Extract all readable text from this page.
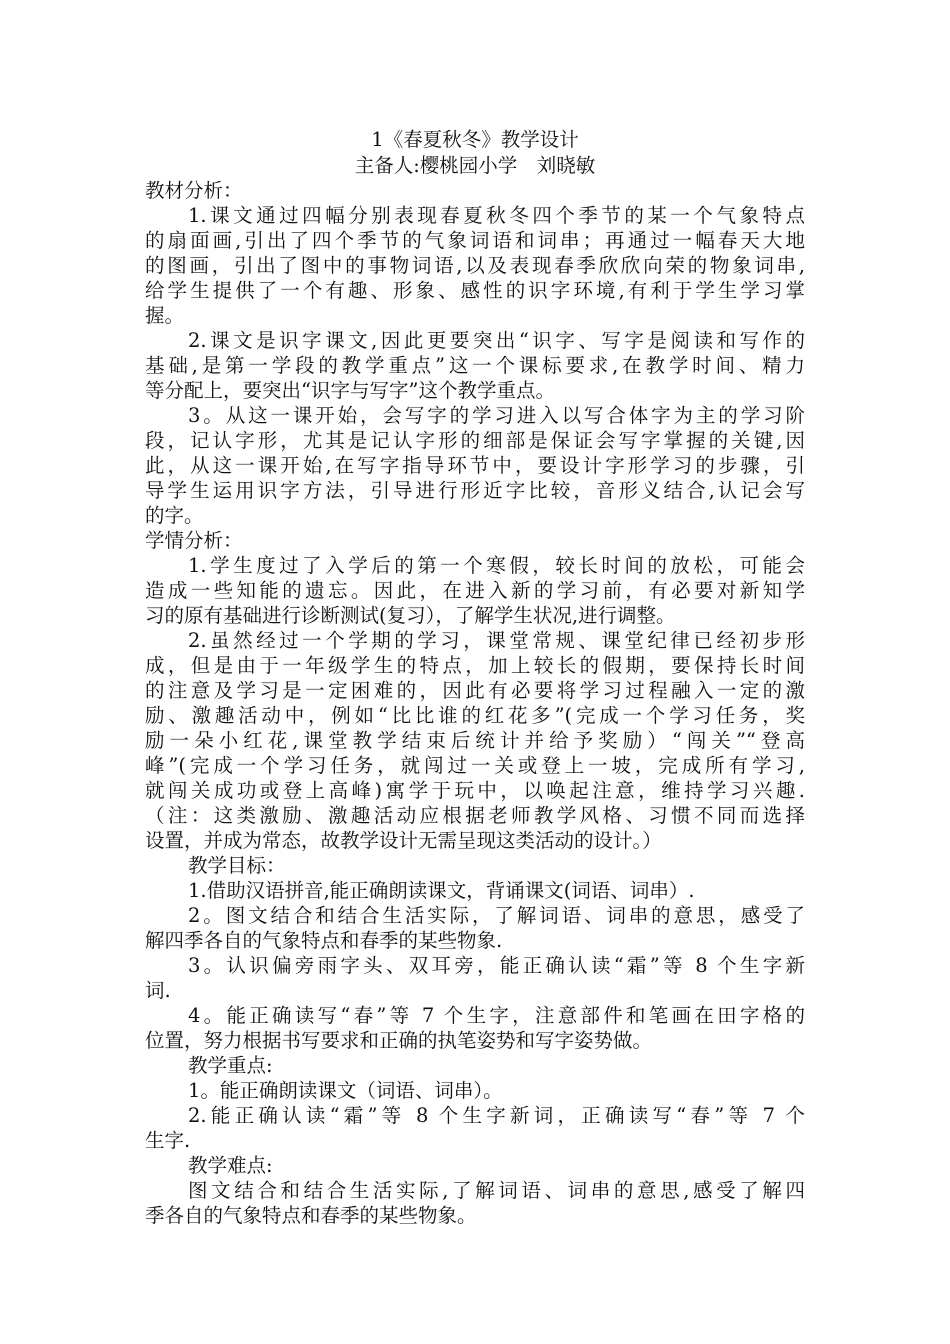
1《春夏秋冬》教学设计
主备人:樱桃园小学　刘晓敏
教材分析：
1.课文通过四幅分别表现春夏秋冬四个季节的某一个气象特点
的扇面画,引出了四个季节的气象词语和词串；再通过一幅春天大地
的图画，引出了图中的事物词语,以及表现春季欣欣向荣的物象词串,
给学生提供了一个有趣、形象、感性的识字环境,有利于学生学习掌
握。
2.课文是识字课文,因此更要突出“识字、写字是阅读和写作的
基础,是第一学段的教学重点”这一个课标要求,在教学时间、精力
等分配上，要突出“识字与写字”这个教学重点。
3。从这一课开始，会写字的学习进入以写合体字为主的学习阶
段，记认字形，尤其是记认字形的细部是保证会写字掌握的关键,因
此，从这一课开始,在写字指导环节中，要设计字形学习的步骤，引
导学生运用识字方法，引导进行形近字比较，音形义结合,认记会写
的字。
学情分析：
1.学生度过了入学后的第一个寒假，较长时间的放松，可能会
造成一些知能的遗忘。因此，在进入新的学习前，有必要对新知学
习的原有基础进行诊断测试(复习），了解学生状况,进行调整。
2.虽然经过一个学期的学习，课堂常规、课堂纪律已经初步形
成，但是由于一年级学生的特点，加上较长的假期，要保持长时间
的注意及学习是一定困难的，因此有必要将学习过程融入一定的激
励、激趣活动中，例如“比比谁的红花多”(完成一个学习任务，奖
励一朵小红花,课堂教学结束后统计并给予奖励）“闯关”“登高
峰”(完成一个学习任务，就闯过一关或登上一坡，完成所有学习,
就闯关成功或登上高峰)寓学于玩中，以唤起注意，维持学习兴趣.
（注：这类激励、激趣活动应根据老师教学风格、习惯不同而选择
设置，并成为常态，故教学设计无需呈现这类活动的设计。）
教学目标：
1.借助汉语拼音,能正确朗读课文，背诵课文(词语、词串）.
2。图文结合和结合生活实际，了解词语、词串的意思，感受了
解四季各自的气象特点和春季的某些物象.
3。认识偏旁雨字头、双耳旁，能正确认读“霜”等 8 个生字新
词.
4。能正确读写“春”等 7 个生字，注意部件和笔画在田字格的
位置，努力根据书写要求和正确的执笔姿势和写字姿势做。
教学重点:
1。能正确朗读课文（词语、词串）。
2.能正确认读“霜”等 8 个生字新词，正确读写“春”等 7 个
生字.
教学难点:
图文结合和结合生活实际,了解词语、词串的意思,感受了解四
季各自的气象特点和春季的某些物象。
